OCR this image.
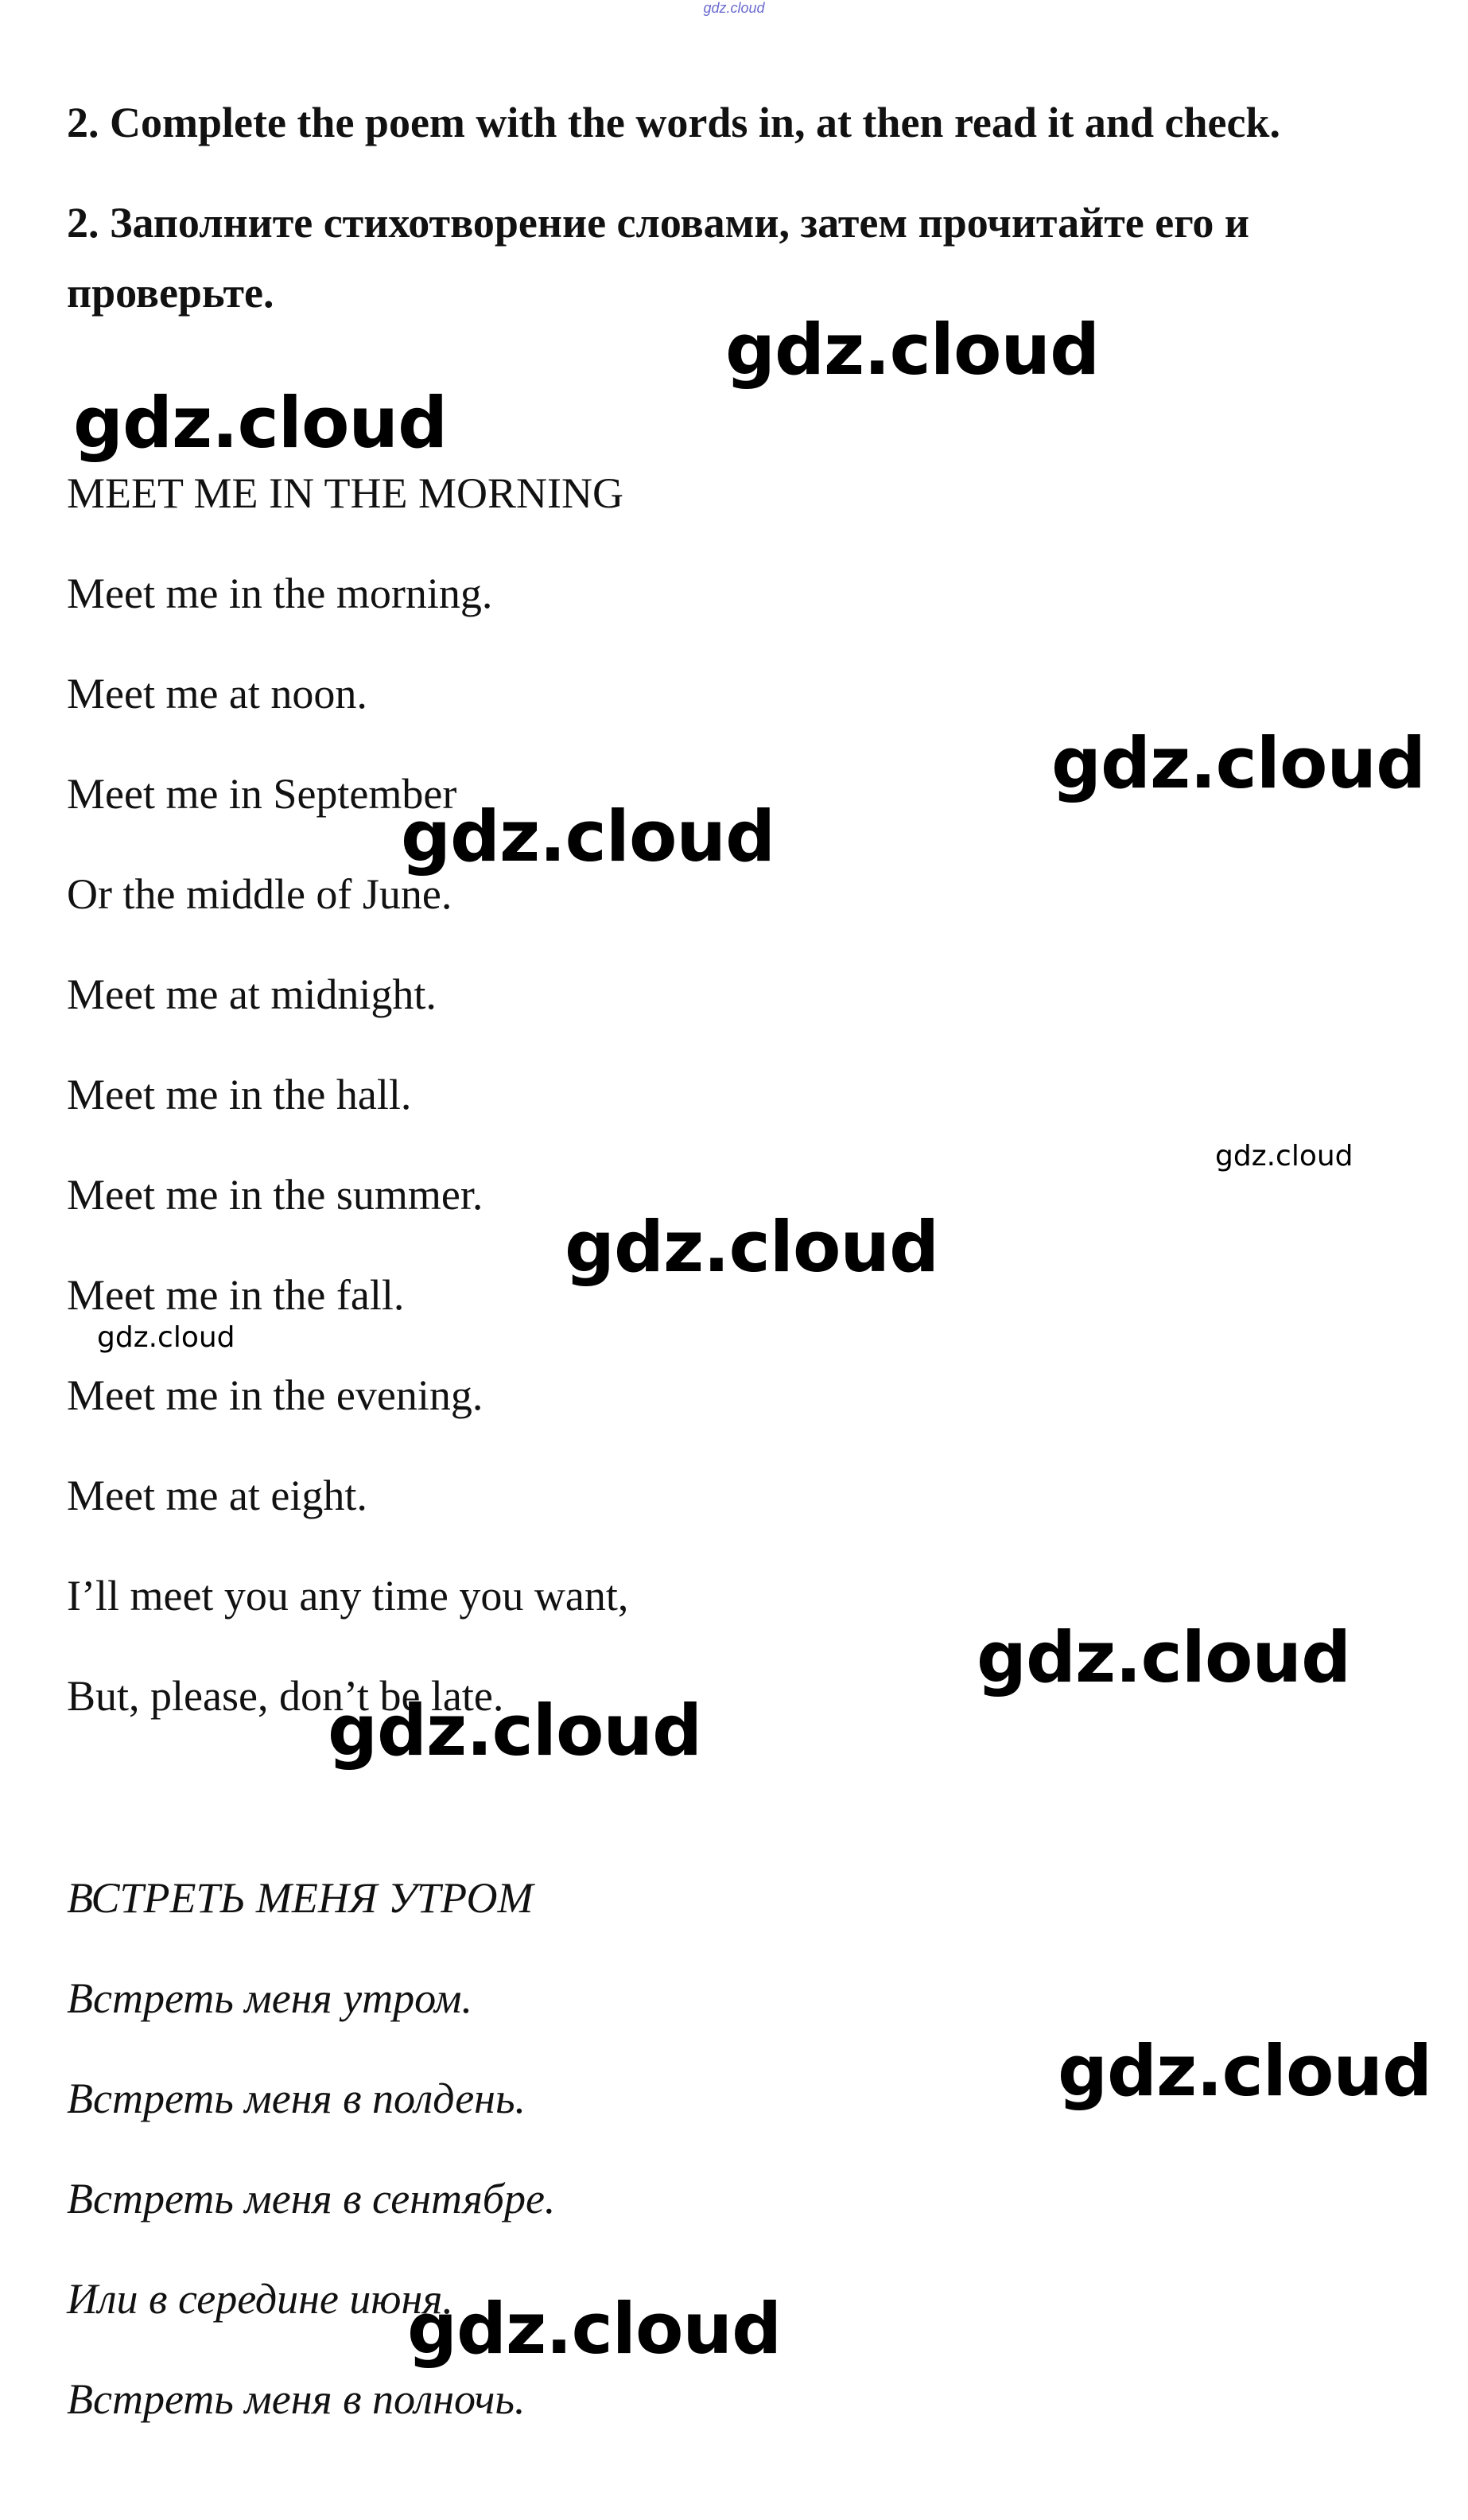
gdz.cloud
2. Complete the poem with the words in, at then read it and check.
2. Заполните стихотворение словами, затем прочитайте его и проверьте.
MEET ME IN THE MORNING
Meet me in the morning.
Meet me at noon.
Meet me in September
Or the middle of June.
Meet me at midnight.
Meet me in the hall.
Meet me in the summer.
Meet me in the fall.
Meet me in the evening.
Meet me at eight.
I’ll meet you any time you want,
But, please, don’t be late.
ВСТРЕТЬ МЕНЯ УТРОМ
Встреть меня утром.
Встреть меня в полдень.
Встреть меня в сентябре.
Или в середине июня.
Встреть меня в полночь.
gdz.cloud
gdz.cloud
gdz.cloud
gdz.cloud
gdz.cloud
gdz.cloud
gdz.cloud
gdz.cloud
gdz.cloud
gdz.cloud
gdz.cloud
